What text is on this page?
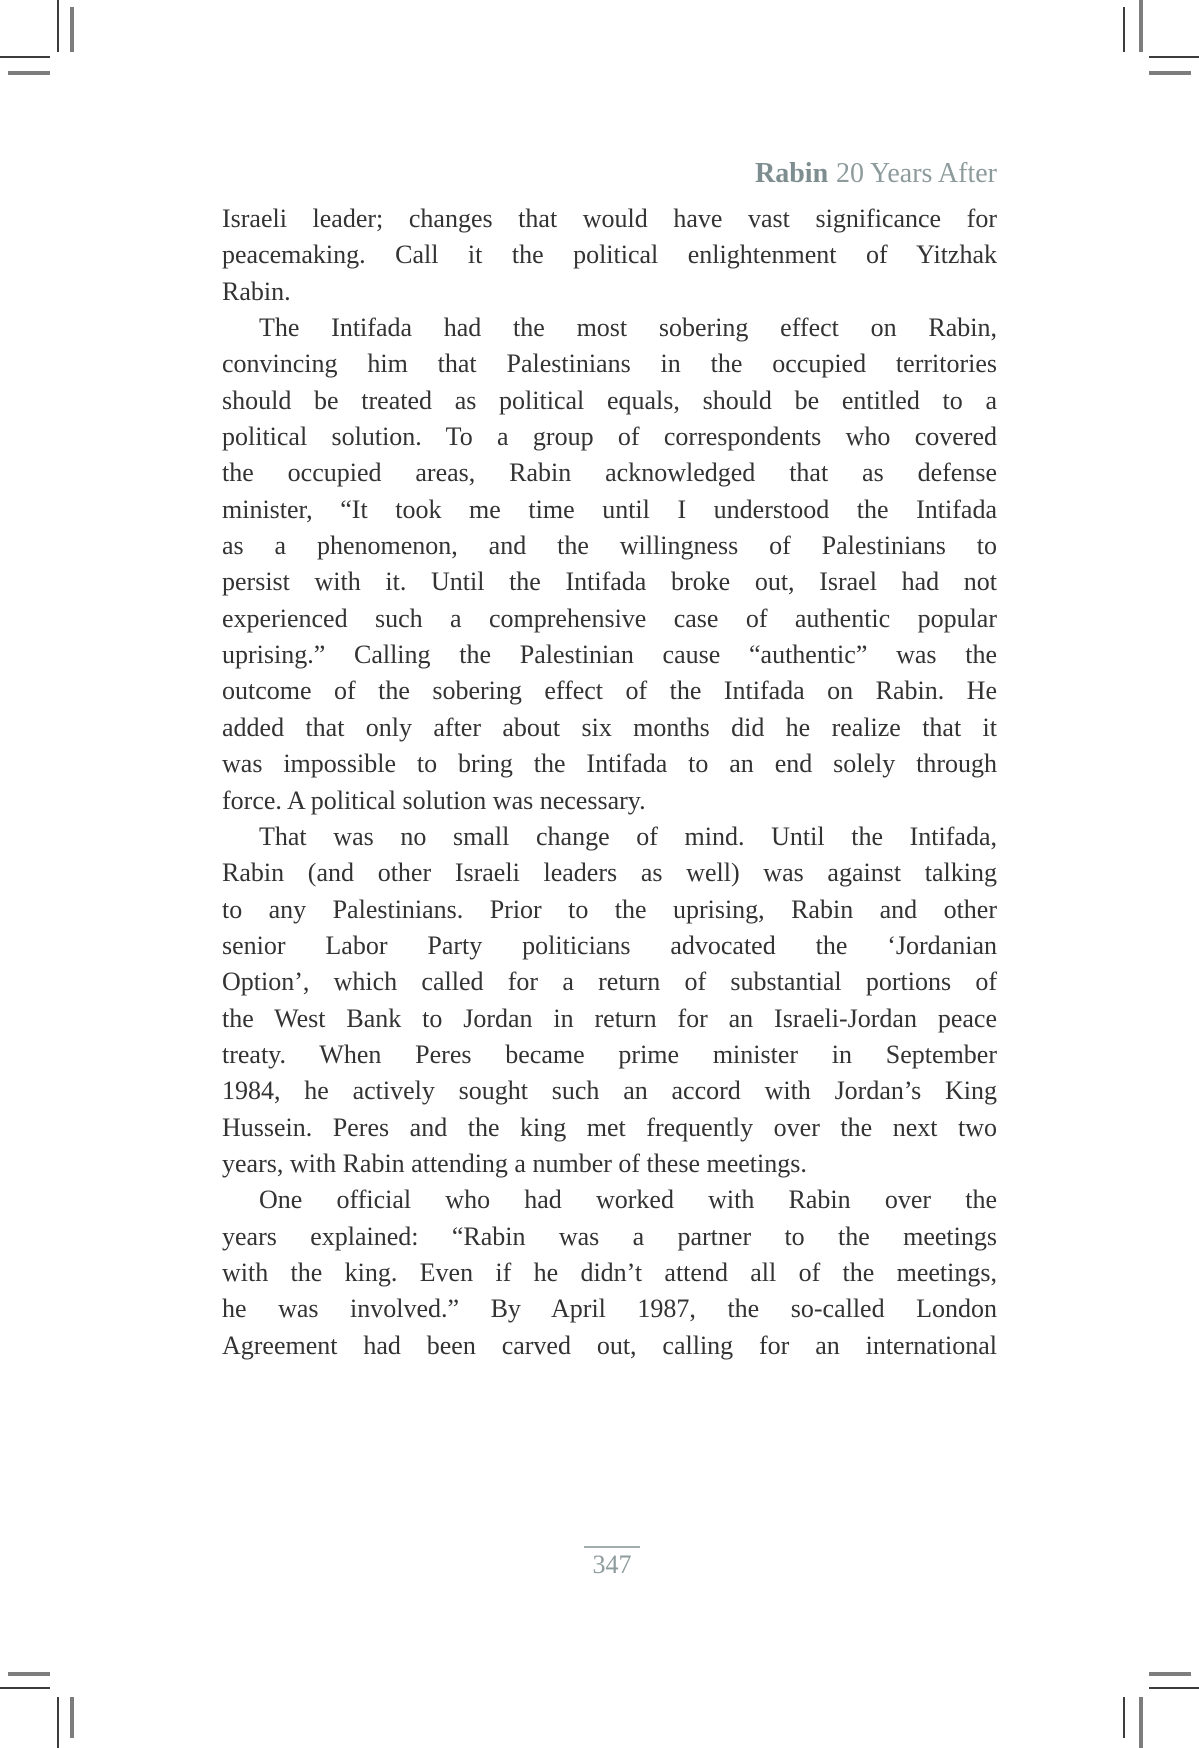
Rabin 20 Years After
Israeli leader; changes that would have vast significance for
peacemaking. Call it the political enlightenment of Yitzhak
Rabin.
The Intifada had the most sobering effect on Rabin,
convincing him that Palestinians in the occupied territories
should be treated as political equals, should be entitled to a
political solution. To a group of correspondents who covered
the occupied areas, Rabin acknowledged that as defense
minister, “It took me time until I understood the Intifada
as a phenomenon, and the willingness of Palestinians to
persist with it. Until the Intifada broke out, Israel had not
experienced such a comprehensive case of authentic popular
uprising.” Calling the Palestinian cause “authentic” was the
outcome of the sobering effect of the Intifada on Rabin. He
added that only after about six months did he realize that it
was impossible to bring the Intifada to an end solely through
force. A political solution was necessary.
That was no small change of mind. Until the Intifada,
Rabin (and other Israeli leaders as well) was against talking
to any Palestinians. Prior to the uprising, Rabin and other
senior Labor Party politicians advocated the ‘Jordanian
Option’, which called for a return of substantial portions of
the West Bank to Jordan in return for an Israeli-Jordan peace
treaty. When Peres became prime minister in September
1984, he actively sought such an accord with Jordan’s King
Hussein. Peres and the king met frequently over the next two
years, with Rabin attending a number of these meetings.
One official who had worked with Rabin over the
years explained: “Rabin was a partner to the meetings
with the king. Even if he didn’t attend all of the meetings,
he was involved.” By April 1987, the so-called London
Agreement had been carved out, calling for an international
347
